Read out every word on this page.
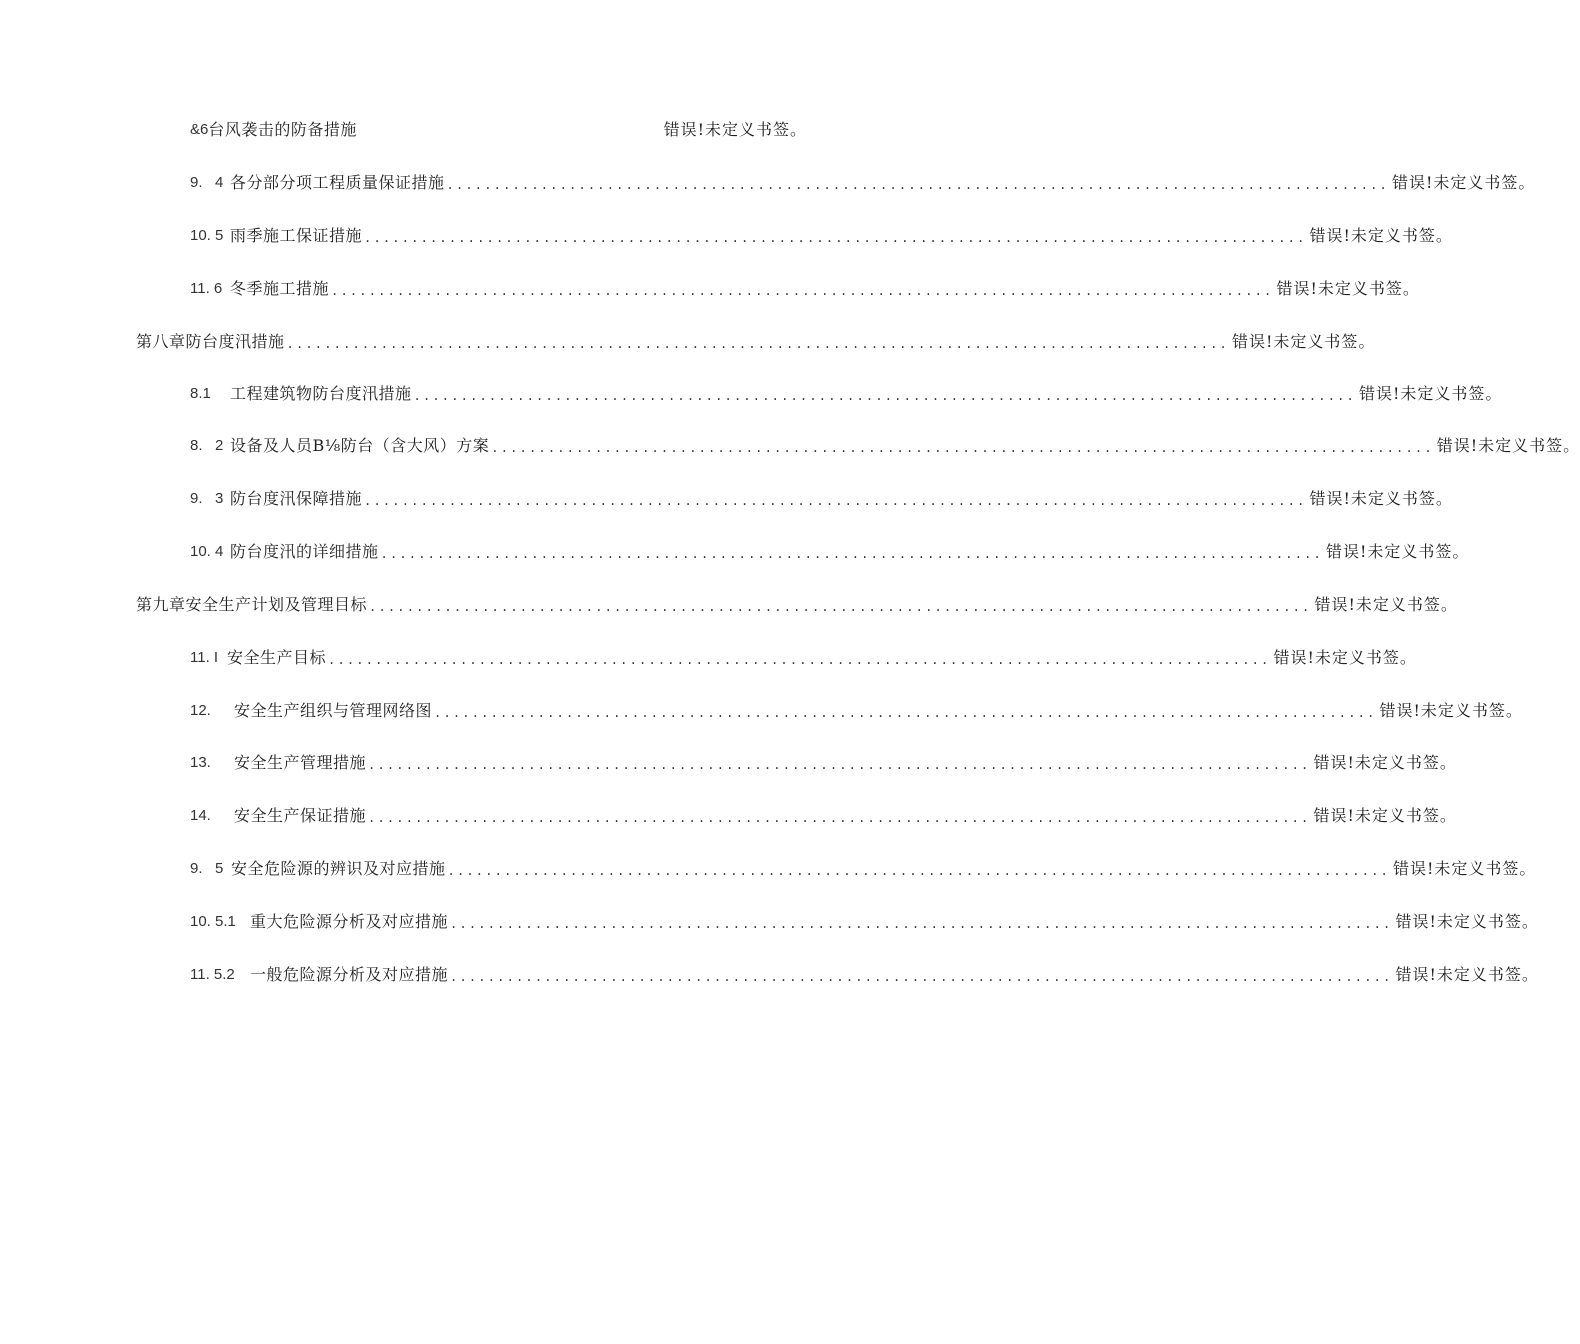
&6 台风袭击的防备措施	错误!未定义书签。
9.   4 各分部分项工程质量保证措施 .................................................................................................... 错误!未定义书签。
10. 5 雨季施工保证措施 .................................................................................................... 错误!未定义书签。
11. 6 冬季施工措施 .................................................................................................... 错误!未定义书签。
第八章防台度汛措施 .................................................................................................... 错误!未定义书签。
8.1	工程建筑物防台度汛措施 .................................................................................................... 错误!未定义书签。
8.   2 设备及人员B⅛防台（含大风）方案 .................................................................................................... 错误!未定义书签。
9.   3 防台度汛保障措施 .................................................................................................... 错误!未定义书签。
10. 4 防台度汛的详细措施 .................................................................................................... 错误!未定义书签。
第九章安全生产计划及管理目标 .................................................................................................... 错误!未定义书签。
11. I 安全生产目标 .................................................................................................... 错误!未定义书签。
12.	安全生产组织与管理网络图 .................................................................................................... 错误!未定义书签。
13.	安全生产管理措施 .................................................................................................... 错误!未定义书签。
14.	安全生产保证措施 .................................................................................................... 错误!未定义书签。
9.   5 安全危险源的辨识及对应措施 .................................................................................................... 错误!未定义书签。
10. 5.1 重大危险源分析及对应措施 .................................................................................................... 错误!未定义书签。
11. 5.2 一般危险源分析及对应措施 .................................................................................................... 错误!未定义书签。
